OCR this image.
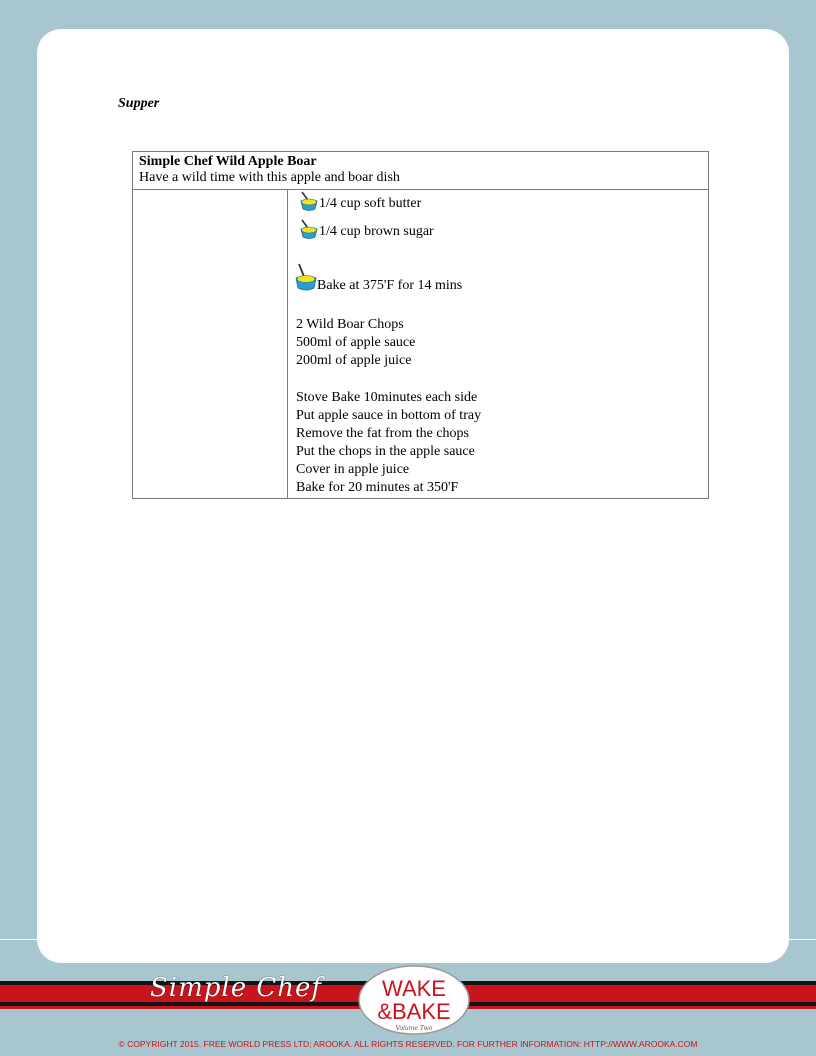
Supper
Simple Chef Wild Apple Boar
Have a wild time with this apple and boar dish
1/4 cup soft butter
1/4 cup brown sugar
Bake at 375'F for 14 mins
2 Wild Boar Chops
500ml of apple sauce
200ml of apple juice
Stove Bake 10minutes each side
Put apple sauce in bottom of tray
Remove the fat from the chops
Put the chops in the apple sauce
Cover in apple juice
Bake for 20 minutes at 350'F
Simple Chef	WAKE
&BAKE
Volume Two
© COPYRIGHT 2015. FREE WORLD PRESS LTD; AROOKA. ALL RIGHTS RESERVED. FOR FURTHER INFORMATION: HTTP://WWW.AROOKA.COM
